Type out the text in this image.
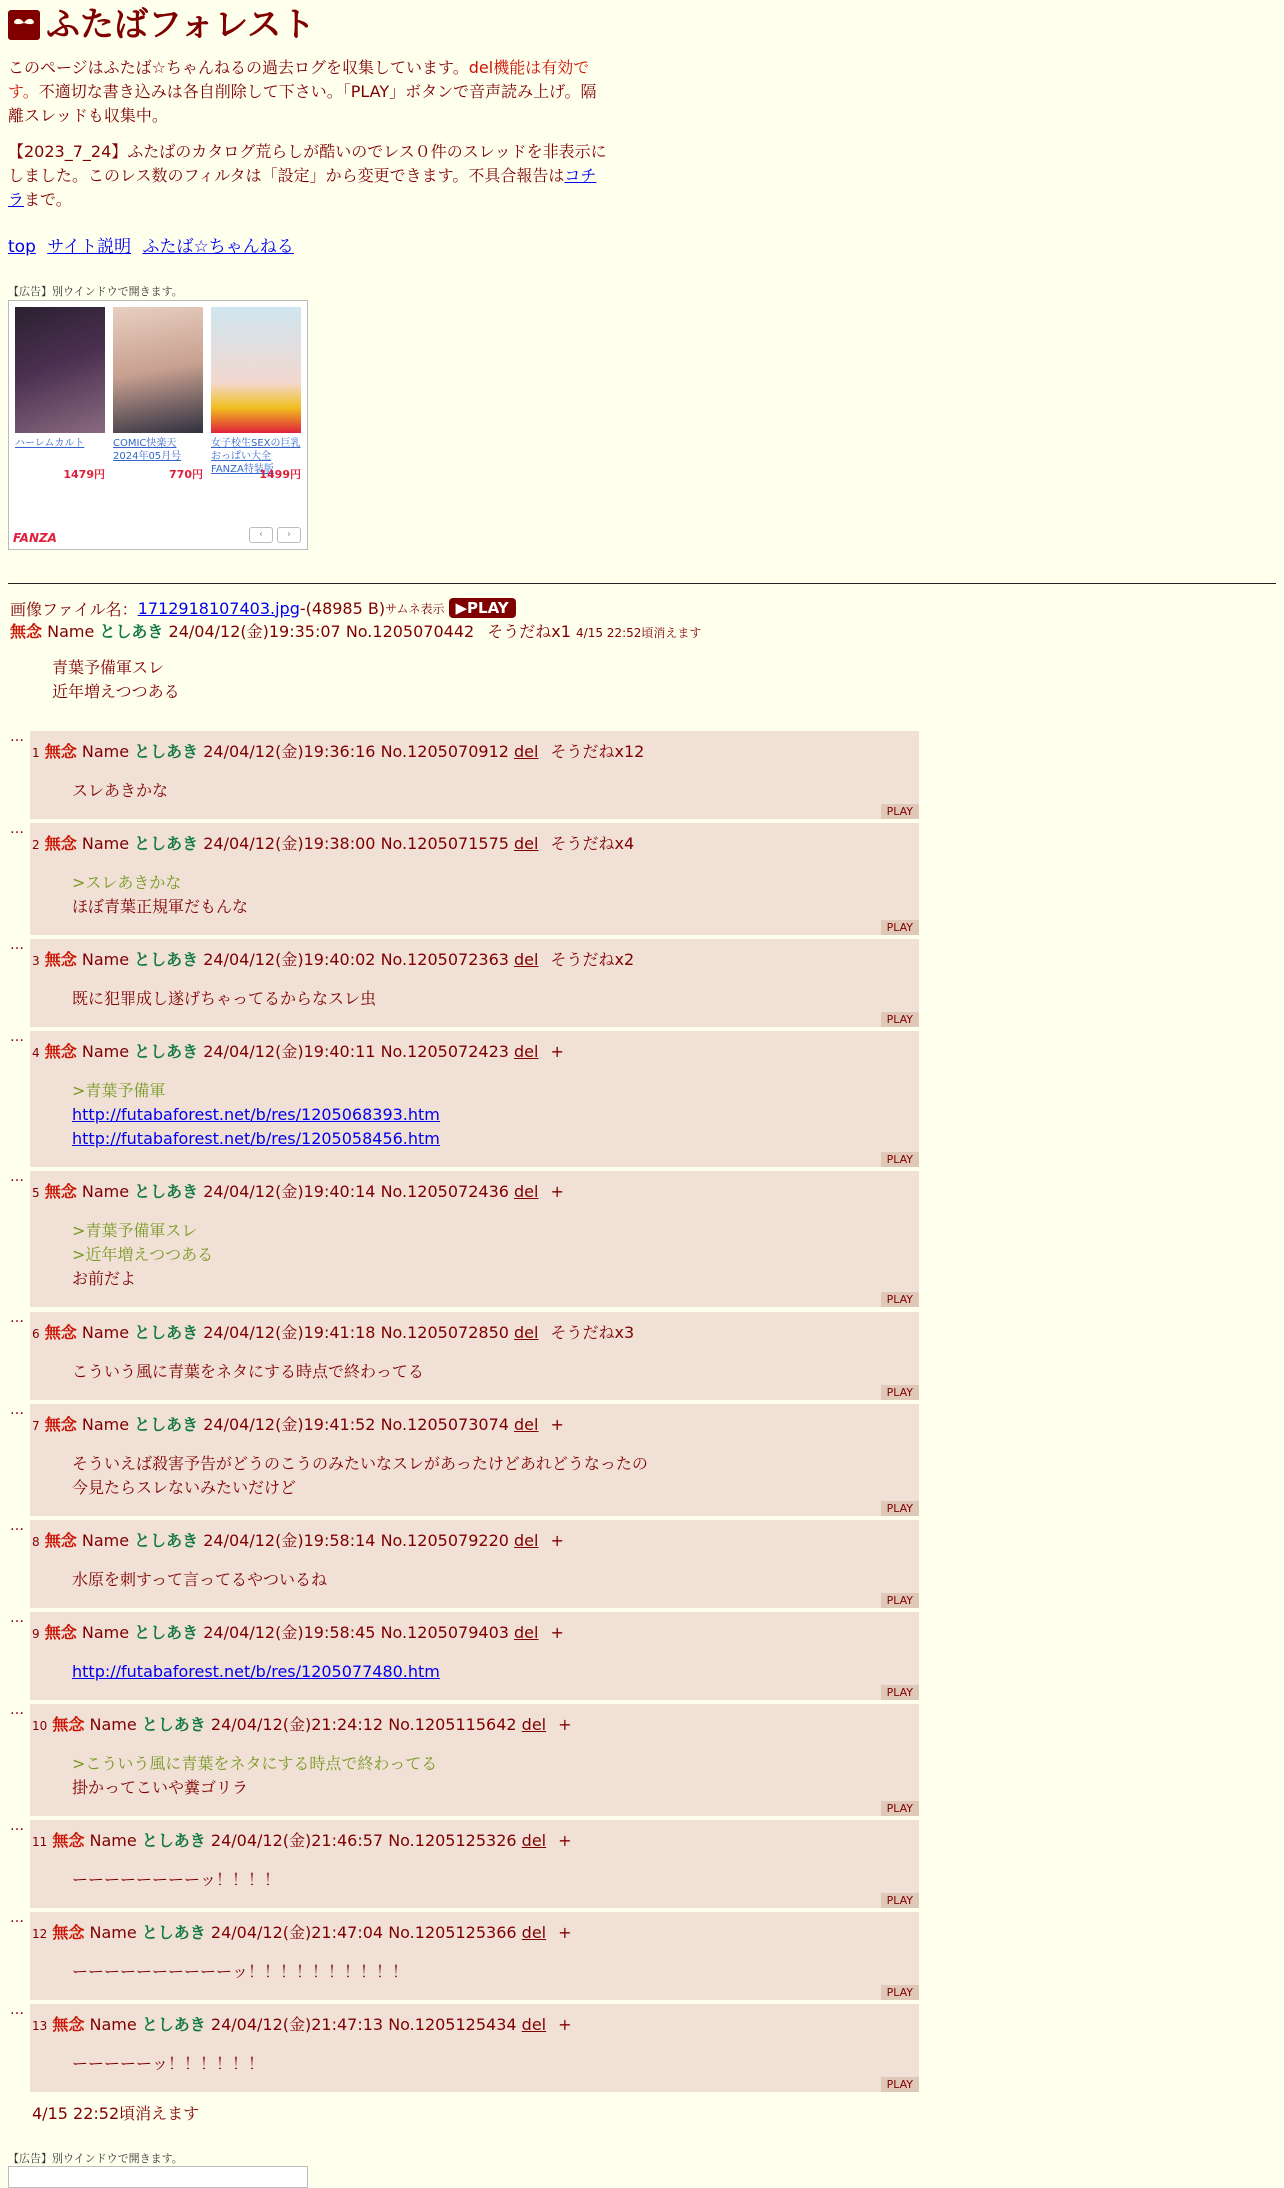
ふたばフォレスト
このページはふたば☆ちゃんねるの過去ログを収集しています。del機能は有効で
す。不適切な書き込みは各自削除して下さい。「PLAY」ボタンで音声読み上げ。隔
離スレッドも収集中。
【2023_7_24】ふたばのカタログ荒らしが酷いのでレス０件のスレッドを非表示に
しました。このレス数のフィルタは「設定」から変更できます。不具合報告はコチ
ラまで。
top サイト説明 ふたば☆ちゃんねる
【広告】別ウインドウで開きます。
ハーレムカルト
1479円
COMIC快楽天 2024年05月号
770円
女子校生SEXの巨乳おっぱい大全FANZA特装版
1499円
FANZA	‹	›
画像ファイル名： 1712918107403.jpg -(48985 B) サムネ表示 ▶PLAY
無念 Name としあき 24/04/12(金)19:35:07 No.1205070442 そうだねx1 4/15 22:52頃消えます
青葉予備軍スレ
近年増えつつある
…
1 無念 Name としあき 24/04/12(金)19:36:16 No.1205070912 del そうだねx12
スレあきかな
PLAY
…
2 無念 Name としあき 24/04/12(金)19:38:00 No.1205071575 del そうだねx4
>スレあきかな
ほぼ青葉正規軍だもんな
PLAY
…
3 無念 Name としあき 24/04/12(金)19:40:02 No.1205072363 del そうだねx2
既に犯罪成し遂げちゃってるからなスレ虫
PLAY
…
4 無念 Name としあき 24/04/12(金)19:40:11 No.1205072423 del +
>青葉予備軍
http://futabaforest.net/b/res/1205068393.htm
http://futabaforest.net/b/res/1205058456.htm
PLAY
…
5 無念 Name としあき 24/04/12(金)19:40:14 No.1205072436 del +
>青葉予備軍スレ
>近年増えつつある
お前だよ
PLAY
…
6 無念 Name としあき 24/04/12(金)19:41:18 No.1205072850 del そうだねx3
こういう風に青葉をネタにする時点で終わってる
PLAY
…
7 無念 Name としあき 24/04/12(金)19:41:52 No.1205073074 del +
そういえば殺害予告がどうのこうのみたいなスレがあったけどあれどうなったの
今見たらスレないみたいだけど
PLAY
…
8 無念 Name としあき 24/04/12(金)19:58:14 No.1205079220 del +
水原を刺すって言ってるやついるね
PLAY
…
9 無念 Name としあき 24/04/12(金)19:58:45 No.1205079403 del +
http://futabaforest.net/b/res/1205077480.htm
PLAY
…
10 無念 Name としあき 24/04/12(金)21:24:12 No.1205115642 del +
>こういう風に青葉をネタにする時点で終わってる
掛かってこいや糞ゴリラ
PLAY
…
11 無念 Name としあき 24/04/12(金)21:46:57 No.1205125326 del +
ーーーーーーーーッ！！！！
PLAY
…
12 無念 Name としあき 24/04/12(金)21:47:04 No.1205125366 del +
ーーーーーーーーーーッ！！！！！！！！！！
PLAY
…
13 無念 Name としあき 24/04/12(金)21:47:13 No.1205125434 del +
ーーーーーッ！！！！！！
PLAY
4/15 22:52頃消えます
【広告】別ウインドウで開きます。
